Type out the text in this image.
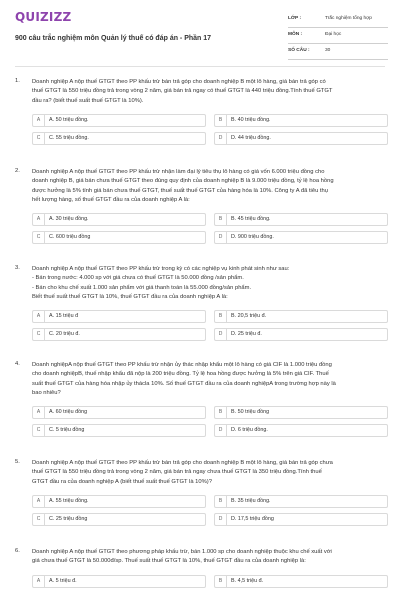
QUIZIZZ
900 câu trắc nghiệm môn Quản lý thuế có đáp án - Phần 17
LỚP :	Trắc nghiệm tổng hợp
MÔN :	Đại học
SỐ CÂU :	30
1. Doanh nghiệp A nộp thuế GTGT theo PP khấu trừ bán trả góp cho doanh nghiệp B một lô hàng, giá bán trả góp có
thuế GTGT là 550 triệu đồng trả trong vòng 2 năm, giá bán trả ngay có thuế GTGT là 440 triệu đồng.Tính thuế GTGT
đầu ra? (biết thuế suất thuế GTGT là 10%).
A	A. 50 triệu đồng.	B	B. 40 triệu đồng.
C	C. 55 triệu đồng.	D	D. 44 triệu đồng.
2. Doanh nghiệp A nộp thuế GTGT theo PP khấu trừ nhận làm đại lý tiêu thụ lô hàng có giá vốn 6.000 triệu đồng cho
doanh nghiệp B, giá bán chưa thuế GTGT theo đúng quy định của doanh nghiệp B là 9.000 triệu đồng, tỷ lệ hoa hồng
được hưởng là 5% tính giá bán chưa thuế GTGT, thuế suất thuế GTGT của hàng hóa là 10%. Công ty A đã tiêu thụ
hết lượng hàng, số thuế GTGT đầu ra của doanh nghiệp A là:
A	A. 30 triệu đồng.	B	B. 45 triệu đồng.
C	C. 600 triệu đồng	D	D. 900 triệu đồng.
3. Doanh nghiệp A nộp thuế GTGT theo PP khấu trừ trong kỳ có các nghiệp vụ kinh phát sinh như sau:
- Bán trong nước: 4.000 sp với giá chưa có thuế GTGT là 50.000 đồng /sản phẩm.
- Bán cho khu chế xuất 1.000 sản phẩm với giá thanh toán là 55.000 đồng/sản phẩm.
Biết thuế suất thuế GTGT là 10%, thuế GTGT đầu ra của doanh nghiệp A là:
A	A. 15 triệu đ	B	B. 20,5 triệu đ.
C	C. 20 triệu đ.	D	D. 25 triệu đ.
4. Doanh nghiệpA nộp thuế GTGT theo PP khấu trừ nhận ủy thác nhập khẩu một lô hàng có giá CIF là 1.000 triệu đồng
cho doanh nghiệpB, thuế nhập khẩu đã nộp là 200 triệu đồng. Tỷ lệ hoa hồng được hưởng là 5% trên giá CIF. Thuế
suất thuế GTGT của hàng hóa nhập ủy thácla 10%. Số thuế GTGT đầu ra của doanh nghiệpA trong trường hợp này là
bao nhiêu?
A	A. 60 triệu đồng	B	B. 50 triệu đồng
C	C. 5 triệu đồng	D	D. 6 triệu đồng.
5. Doanh nghiệp A nộp thuế GTGT theo PP khấu trừ bán trả góp cho doanh nghiệp B một lô hàng, giá bán trả góp chưa
thuế GTGT là 550 triệu đồng trả trong vòng 2 năm, giá bán trả ngay chưa thuế GTGT là 350 triệu đồng.Tính thuế
GTGT đầu ra của doanh nghiệp A (biết thuế suất thuế GTGT là 10%)?
A	A. 55 triệu đồng.	B	B. 35 triệu đồng.
C	C. 25 triệu đồng	D	D. 17,5 triệu đồng
6. Doanh nghiệp A nộp thuế GTGT theo phương pháp khấu trừ, bán 1.000 sp cho doanh nghiệp thuộc khu chế xuất với
giá chưa thuế GTGT là 50.000đ/sp. Thuế suất thuế GTGT là 10%, thuế GTGT đầu ra của doanh nghiệp là:
A	A. 5 triệu đ.	B	B. 4,5 triệu đ.
